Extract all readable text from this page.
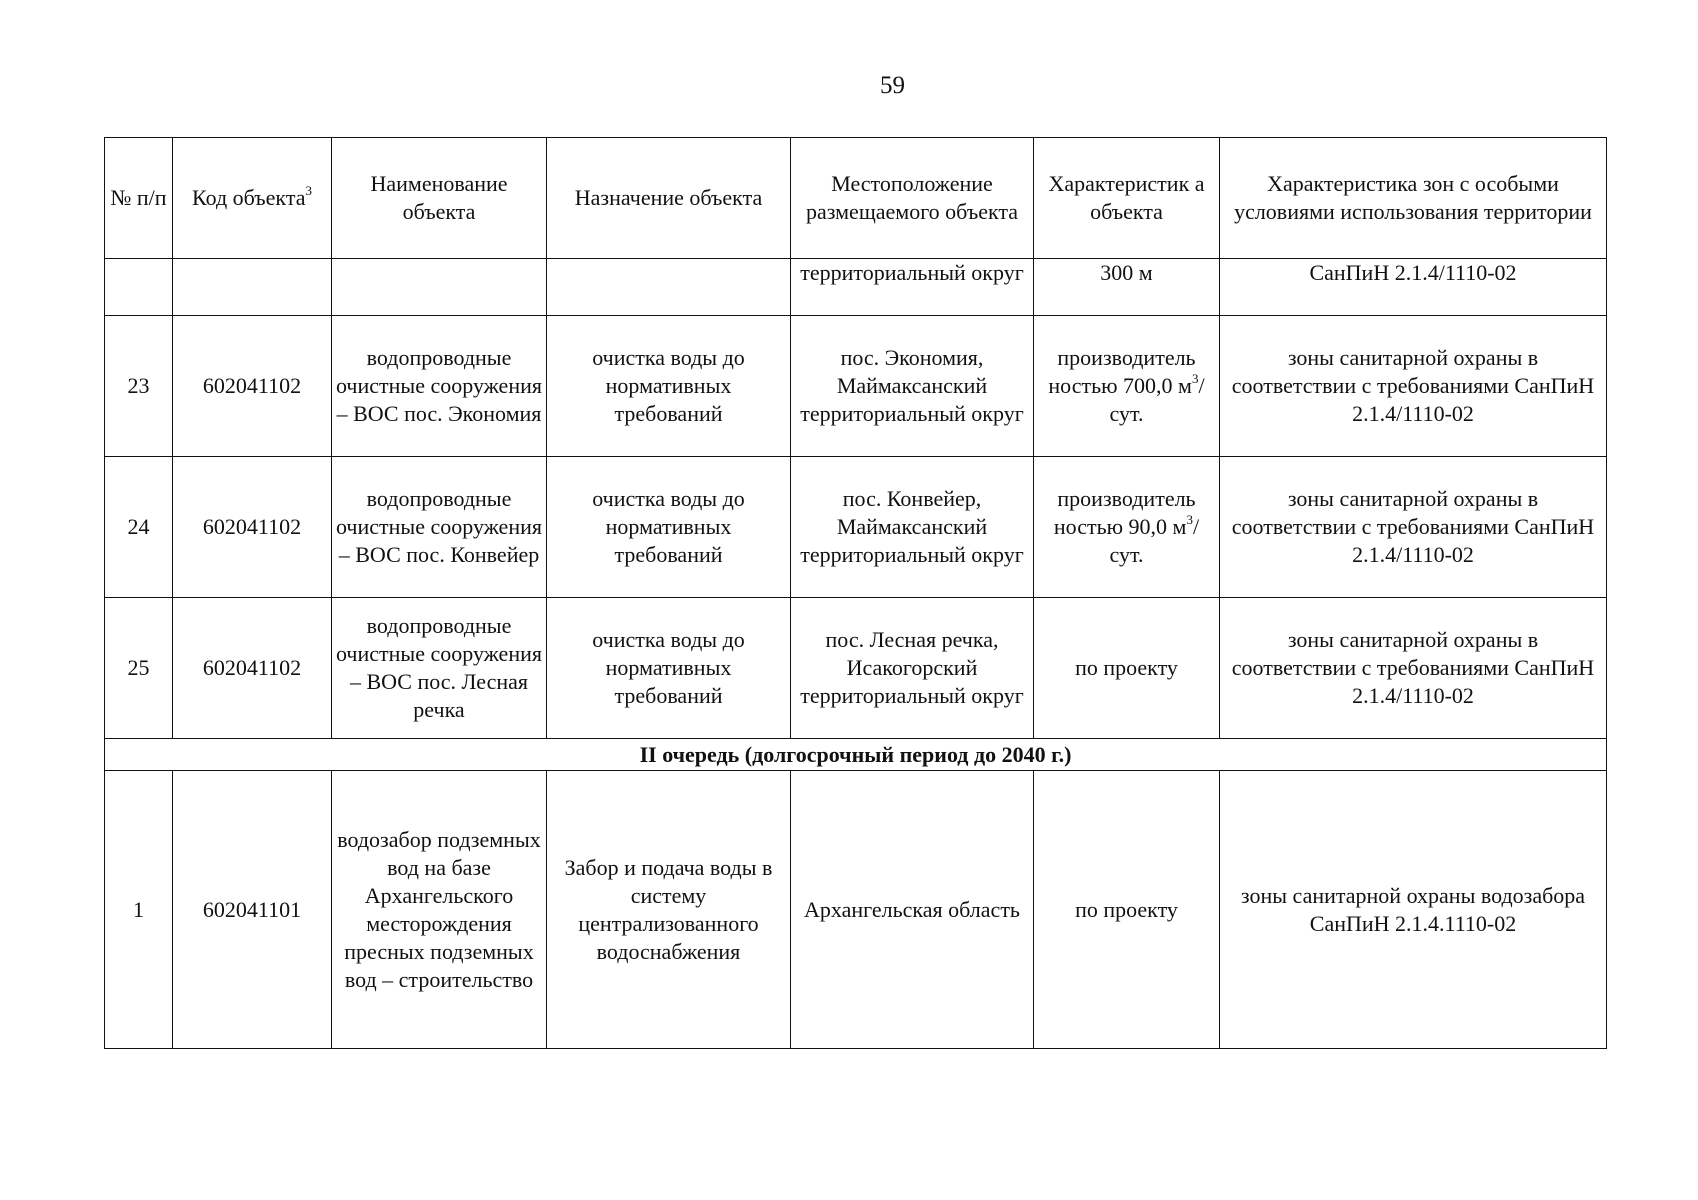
59
№ п/п	Код объекта$^3$	Наименование объекта	Назначение объекта	Местоположение размещаемого объекта	Характеристик а объекта	Характеристика зон с особыми условиями использования территории
				территориальный округ	300 м	СанПиН 2.1.4/1110-02
23	602041102	водопроводные очистные сооружения – ВОС пос. Экономия	очистка воды до нормативных требований	пос. Экономия, Маймаксанский территориальный округ	производитель ностью 700,0 $м^3$/сут.	зоны санитарной охраны в соответствии с требованиями СанПиН 2.1.4/1110-02
24	602041102	водопроводные очистные сооружения – ВОС пос. Конвейер	очистка воды до нормативных требований	пос. Конвейер, Маймаксанский территориальный округ	производитель ностью 90,0 $м^3$/сут.	зоны санитарной охраны в соответствии с требованиями СанПиН 2.1.4/1110-02
25	602041102	водопроводные очистные сооружения – ВОС пос. Лесная речка	очистка воды до нормативных требований	пос. Лесная речка, Исакогорский территориальный округ	по проекту	зоны санитарной охраны в соответствии с требованиями СанПиН 2.1.4/1110-02
II очередь (долгосрочный период до 2040 г.)						
1	602041101	водозабор подземных вод на базе Архангельского месторождения пресных подземных вод – строительство	Забор и подача воды в систему централизованного водоснабжения	Архангельская область	по проекту	зоны санитарной охраны водозабора СанПиН 2.1.4.1110-02
